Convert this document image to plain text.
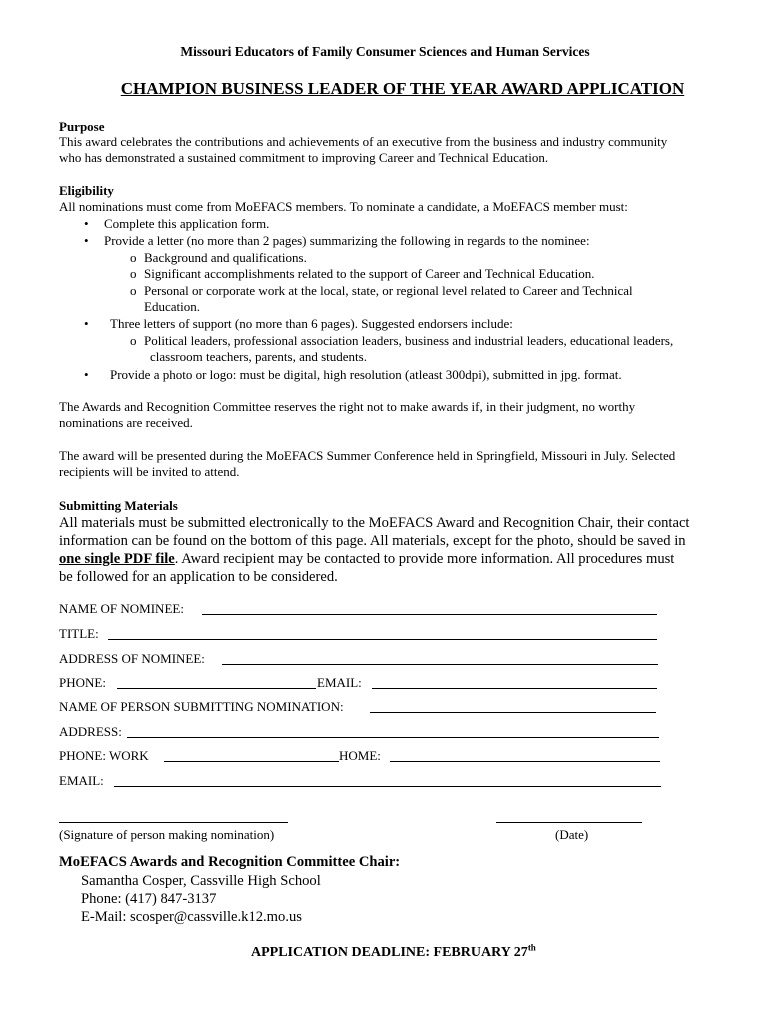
Missouri Educators of Family Consumer Sciences and Human Services
CHAMPION BUSINESS LEADER OF THE YEAR AWARD APPLICATION
Purpose
This award celebrates the contributions and achievements of an executive from the business and industry community
who has demonstrated a sustained commitment to improving Career and Technical Education.
Eligibility
All nominations must come from MoEFACS members. To nominate a candidate, a MoEFACS member must:
• Complete this application form.
• Provide a letter (no more than 2 pages) summarizing the following in regards to the nominee:
o Background and qualifications.
o Significant accomplishments related to the support of Career and Technical Education.
o Personal or corporate work at the local, state, or regional level related to Career and Technical
Education.
• Three letters of support (no more than 6 pages). Suggested endorsers include:
o Political leaders, professional association leaders, business and industrial leaders, educational leaders,
classroom teachers, parents, and students.
• Provide a photo or logo: must be digital, high resolution (atleast 300dpi), submitted in jpg. format.
The Awards and Recognition Committee reserves the right not to make awards if, in their judgment, no worthy
nominations are received.
The award will be presented during the MoEFACS Summer Conference held in Springfield, Missouri in July. Selected
recipients will be invited to attend.
Submitting Materials
All materials must be submitted electronically to the MoEFACS Award and Recognition Chair, their contact
information can be found on the bottom of this page. All materials, except for the photo, should be saved in
one single PDF file. Award recipient may be contacted to provide more information. All procedures must
be followed for an application to be considered.
NAME OF NOMINEE:
TITLE:
ADDRESS OF NOMINEE:
PHONE:	EMAIL:
NAME OF PERSON SUBMITTING NOMINATION:
ADDRESS:
PHONE: WORK	HOME:
EMAIL:
(Signature of person making nomination)	(Date)
MoEFACS Awards and Recognition Committee Chair:
Samantha Cosper, Cassville High School
Phone: (417) 847-3137
E-Mail: scosper@cassville.k12.mo.us
APPLICATION DEADLINE: FEBRUARY 27th
